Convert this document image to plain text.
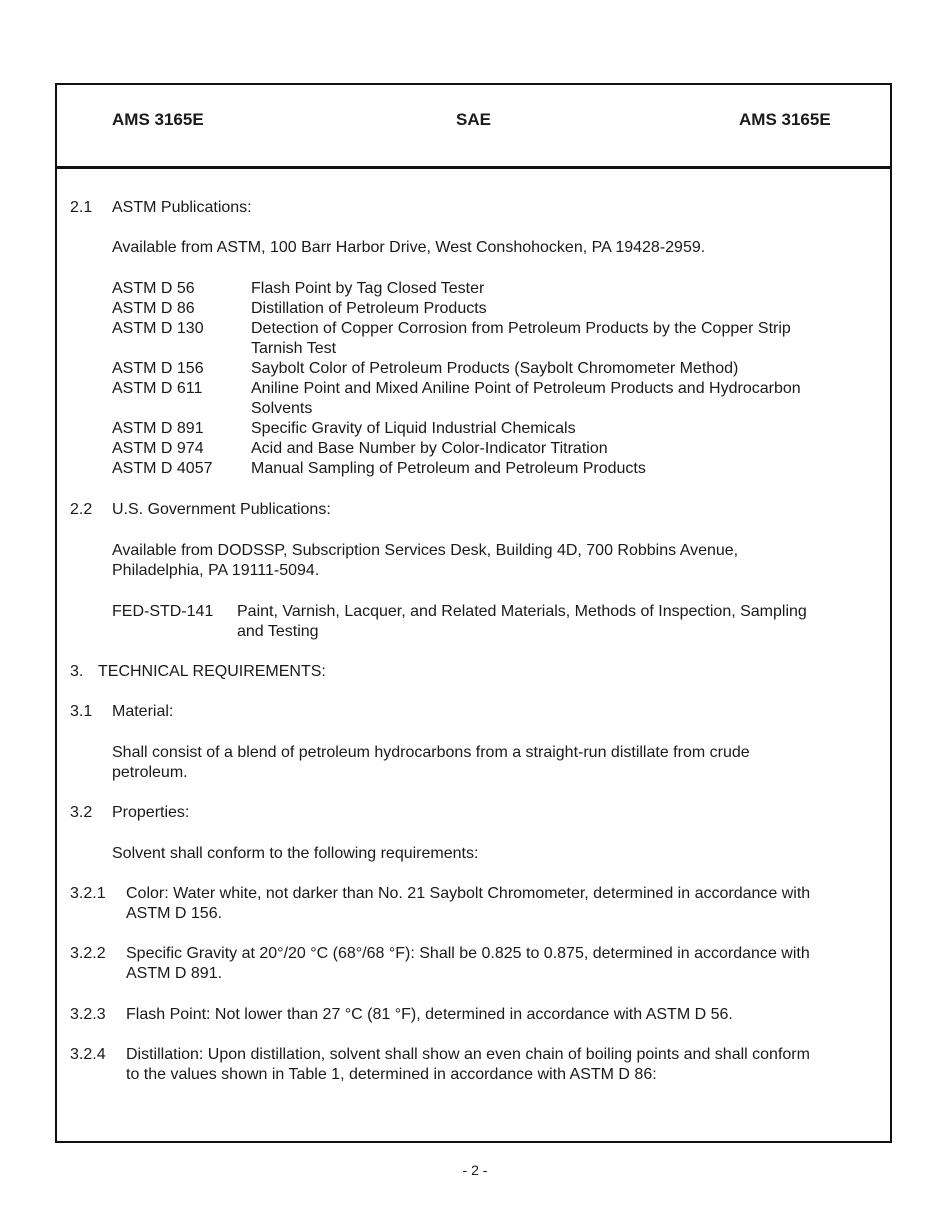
AMS 3165E	SAE	AMS 3165E
2.1 ASTM Publications:
Available from ASTM, 100 Barr Harbor Drive, West Conshohocken, PA 19428-2959.
ASTM D 56	Flash Point by Tag Closed Tester
ASTM D 86	Distillation of Petroleum Products
ASTM D 130	Detection of Copper Corrosion from Petroleum Products by the Copper Strip
Tarnish Test
ASTM D 156	Saybolt Color of Petroleum Products (Saybolt Chromometer Method)
ASTM D 611	Aniline Point and Mixed Aniline Point of Petroleum Products and Hydrocarbon
Solvents
ASTM D 891	Specific Gravity of Liquid Industrial Chemicals
ASTM D 974	Acid and Base Number by Color-Indicator Titration
ASTM D 4057 Manual Sampling of Petroleum and Petroleum Products
2.2 U.S. Government Publications:
Available from DODSSP, Subscription Services Desk, Building 4D, 700 Robbins Avenue,
Philadelphia, PA 19111-5094.
FED-STD-141 Paint, Varnish, Lacquer, and Related Materials, Methods of Inspection, Sampling
and Testing
3. TECHNICAL REQUIREMENTS:
3.1 Material:
Shall consist of a blend of petroleum hydrocarbons from a straight-run distillate from crude
petroleum.
3.2 Properties:
Solvent shall conform to the following requirements:
3.2.1 Color: Water white, not darker than No. 21 Saybolt Chromometer, determined in accordance with
ASTM D 156.
3.2.2 Specific Gravity at 20°/20 °C (68°/68 °F): Shall be 0.825 to 0.875, determined in accordance with
ASTM D 891.
3.2.3 Flash Point: Not lower than 27 °C (81 °F), determined in accordance with ASTM D 56.
3.2.4 Distillation: Upon distillation, solvent shall show an even chain of boiling points and shall conform
to the values shown in Table 1, determined in accordance with ASTM D 86:
- 2 -
